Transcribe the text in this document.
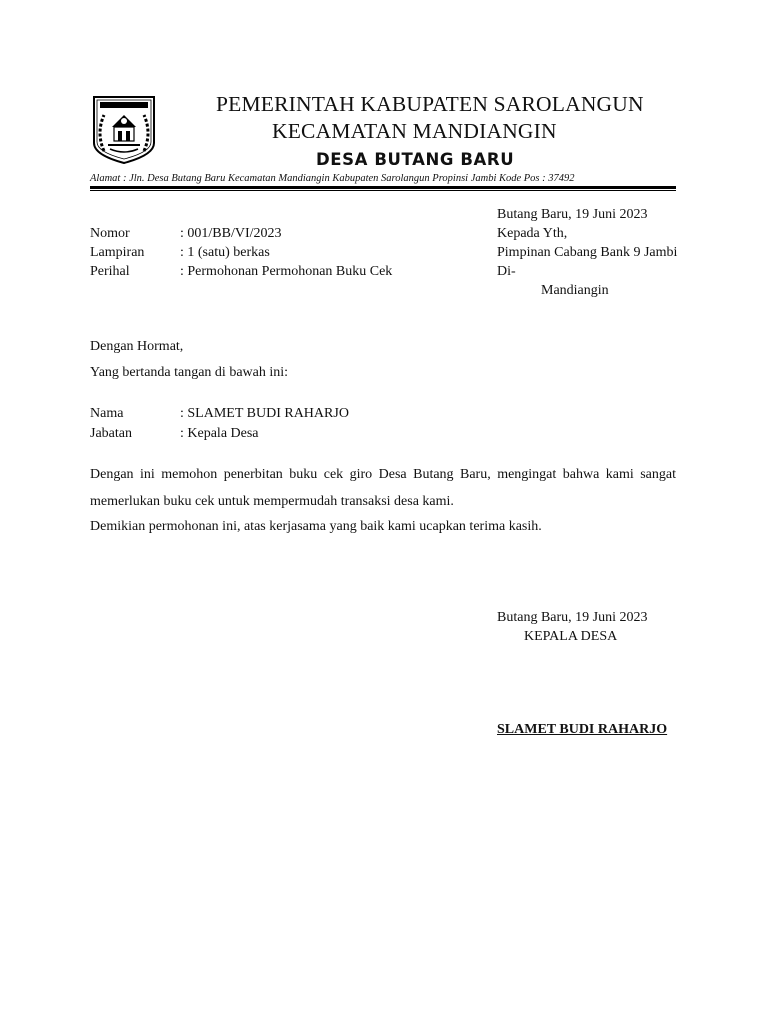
PEMERINTAH KABUPATEN SAROLANGUN
KECAMATAN MANDIANGIN
DESA BUTANG BARU
Alamat : Jln. Desa Butang Baru Kecamatan Mandiangin Kabupaten Sarolangun Propinsi Jambi Kode Pos : 37492
Butang Baru, 19 Juni 2023
Kepada Yth,
Pimpinan Cabang Bank 9 Jambi
Di-
Mandiangin
Nomor	: 001/BB/VI/2023
Lampiran	: 1 (satu) berkas
Perihal	: Permohonan Permohonan Buku Cek
Dengan Hormat,
Yang bertanda tangan di bawah ini:
Nama	: SLAMET BUDI RAHARJO
Jabatan	: Kepala Desa

Dengan ini memohon penerbitan buku cek giro Desa Butang Baru, mengingat bahwa kami sangat

memerlukan buku cek untuk mempermudah transaksi desa kami.

Demikian permohonan ini, atas kerjasama yang baik kami ucapkan terima kasih.

Butang Baru, 19 Juni 2023
KEPALA DESA
SLAMET BUDI RAHARJO
